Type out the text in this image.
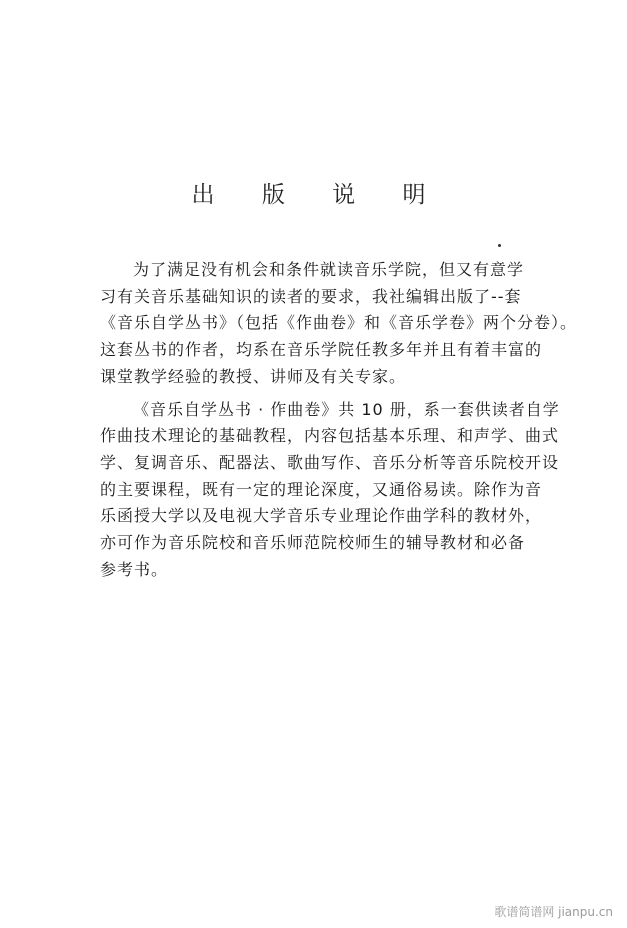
出 版 说 明
为了满足没有机会和条件就读音乐学院，但又有意学
习有关音乐基础知识的读者的要求，我社编辑出版了--套
《音乐自学丛书》（包括《作曲卷》和《音乐学卷》两个分卷）。
这套丛书的作者，均系在音乐学院任教多年并且有着丰富的
课堂教学经验的教授、讲师及有关专家。
《音乐自学丛书 · 作曲卷》共 10 册，系一套供读者自学
作曲技术理论的基础教程，内容包括基本乐理、和声学、曲式
学、复调音乐、配器法、歌曲写作、音乐分析等音乐院校开设
的主要课程，既有一定的理论深度，又通俗易读。除作为音
乐函授大学以及电视大学音乐专业理论作曲学科的教材外，
亦可作为音乐院校和音乐师范院校师生的辅导教材和必备
参考书。
歌谱简谱网 jianpu.cn
